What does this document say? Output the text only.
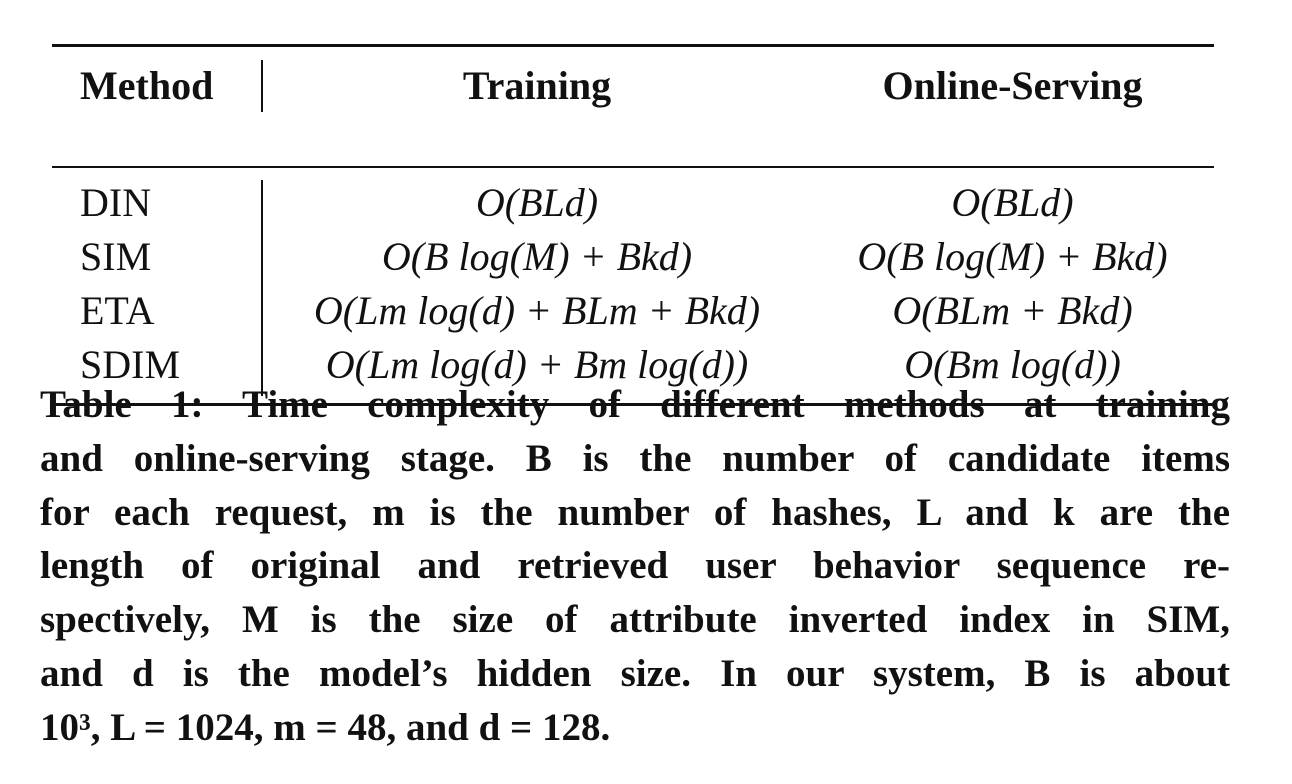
Method	Training	Online-Serving
DIN	O(BLd)	O(BLd)
SIM	O(B log(M) + Bkd)	O(B log(M) + Bkd)
ETA	O(Lm log(d) + BLm + Bkd)	O(BLm + Bkd)
SDIM	O(Lm log(d) + Bm log(d))	O(Bm log(d))
Table 1: Time complexity of different methods at training
and online-serving stage. B is the number of candidate items
for each request, m is the number of hashes, L and k are the
length of original and retrieved user behavior sequence re-
spectively, M is the size of attribute inverted index in SIM,
and d is the model’s hidden size. In our system, B is about
10³, L = 1024, m = 48, and d = 128.
